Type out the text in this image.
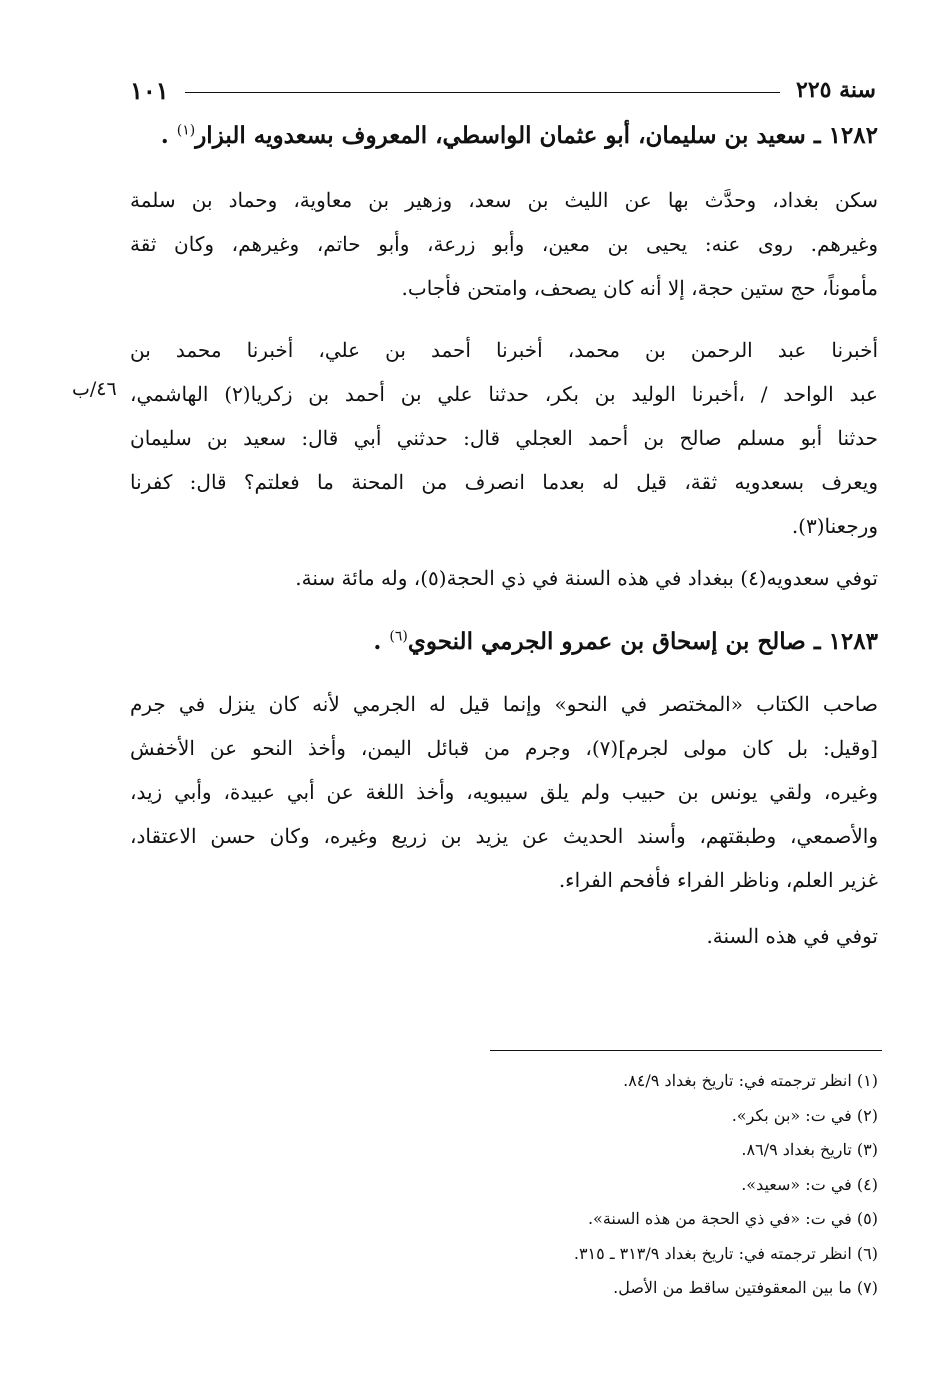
سنة ٢٢٥
١٠١
١٢٨٢ ـ سعيد بن سليمان، أبو عثمان الواسطي، المعروف بسعدويه البزار$^{(١)}$ .
سكن بغداد، وحدَّث بها عن الليث بن سعد، وزهير بن معاوية، وحماد بن سلمة
وغيرهم. روى عنه: يحيى بن معين، وأبو زرعة، وأبو حاتم، وغيرهم، وكان ثقة
مأموناً، حج ستين حجة، إلا أنه كان يصحف، وامتحن فأجاب.
أخبرنا عبد الرحمن بن محمد، أخبرنا أحمد بن علي، أخبرنا محمد بن
عبد الواحد / ،أخبرنا الوليد بن بكر، حدثنا علي بن أحمد بن زكريا(٢) الهاشمي،
حدثنا أبو مسلم صالح بن أحمد العجلي قال: حدثني أبي قال: سعيد بن سليمان
ويعرف بسعدويه ثقة، قيل له بعدما انصرف من المحنة ما فعلتم؟ قال: كفرنا
ورجعنا(٣).
٤٦/ب
توفي سعدويه(٤) ببغداد في هذه السنة في ذي الحجة(٥)، وله مائة سنة.
١٢٨٣ ـ صالح بن إسحاق بن عمرو الجرمي النحوي$^{(٦)}$ .
صاحب الكتاب «المختصر في النحو» وإنما قيل له الجرمي لأنه كان ينزل في جرم
[وقيل: بل كان مولى لجرم](٧)، وجرم من قبائل اليمن، وأخذ النحو عن الأخفش
وغيره، ولقي يونس بن حبيب ولم يلق سيبويه، وأخذ اللغة عن أبي عبيدة، وأبي زيد،
والأصمعي، وطبقتهم، وأسند الحديث عن يزيد بن زريع وغيره، وكان حسن الاعتقاد،
غزير العلم، وناظر الفراء فأفحم الفراء.
توفي في هذه السنة.
(١) انظر ترجمته في: تاريخ بغداد ٨٤/٩.
(٢) في ت: «بن بكر».
(٣) تاريخ بغداد ٨٦/٩.
(٤) في ت: «سعيد».
(٥) في ت: «في ذي الحجة من هذه السنة».
(٦) انظر ترجمته في: تاريخ بغداد ٣١٣/٩ ـ ٣١٥.
(٧) ما بين المعقوفتين ساقط من الأصل.
